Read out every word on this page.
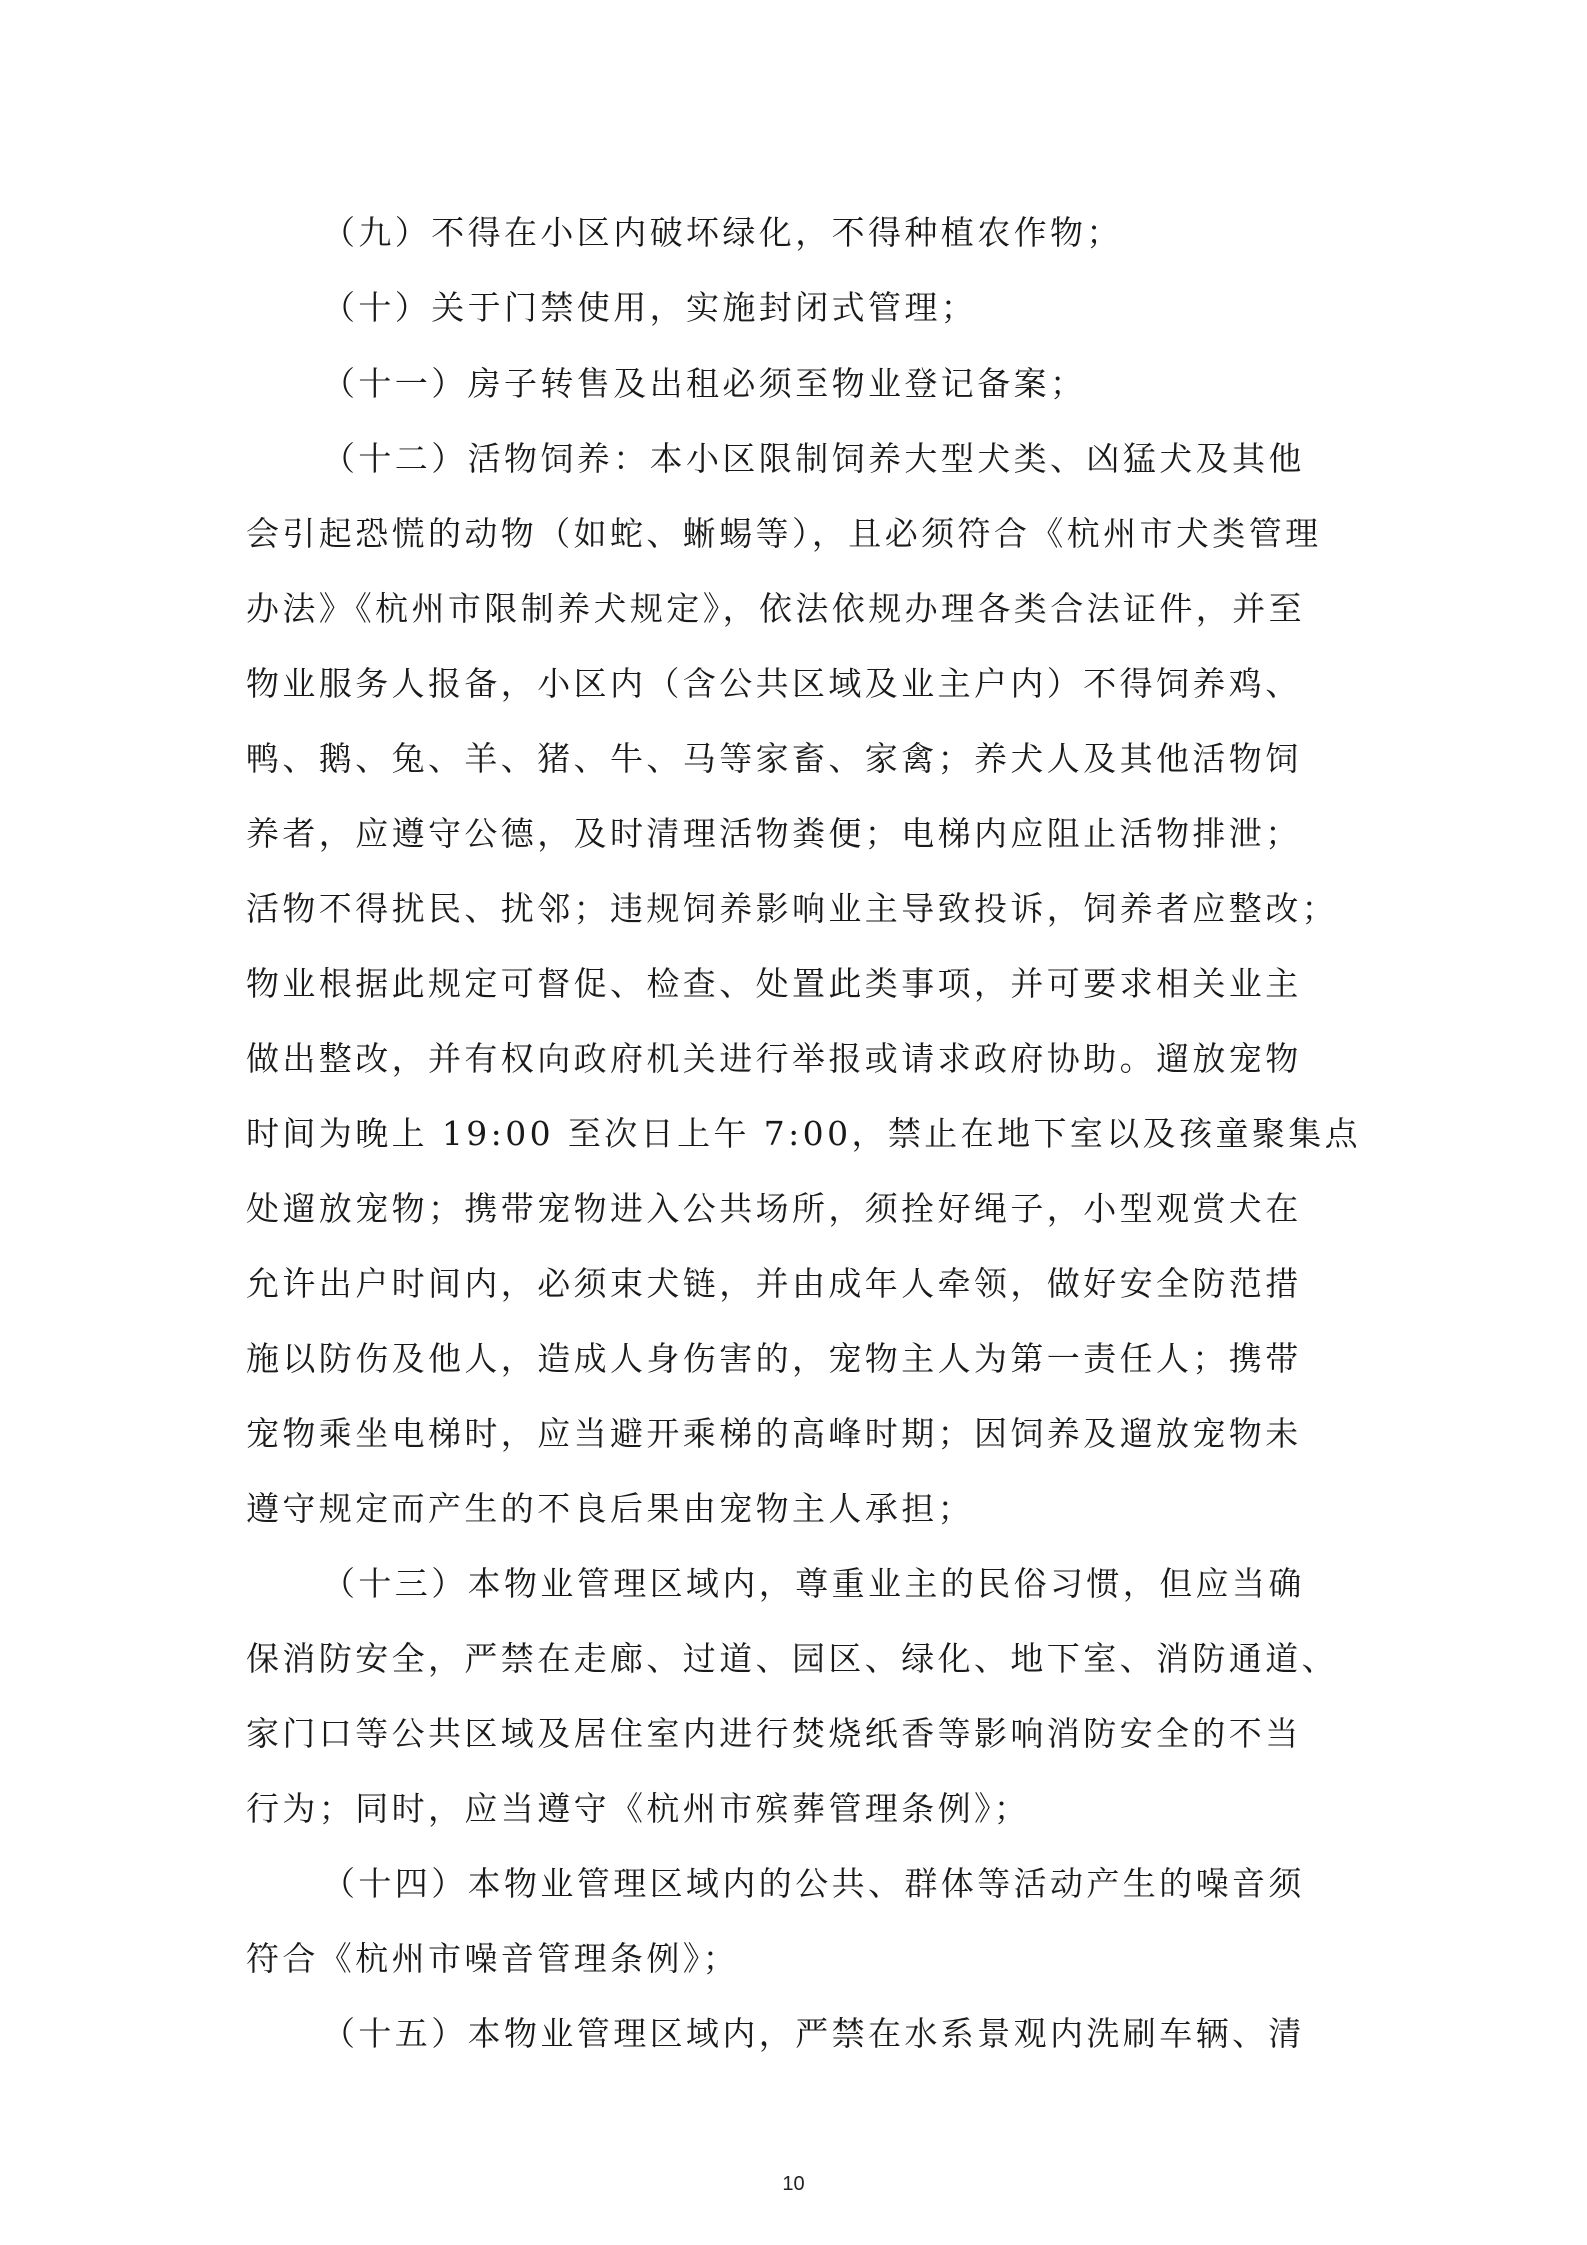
（九）不得在小区内破坏绿化，不得种植农作物；
（十）关于门禁使用，实施封闭式管理；
（十一）房子转售及出租必须至物业登记备案；
（十二）活物饲养：本小区限制饲养大型犬类、凶猛犬及其他
会引起恐慌的动物（如蛇、蜥蜴等），且必须符合《杭州市犬类管理
办法》《杭州市限制养犬规定》，依法依规办理各类合法证件，并至
物业服务人报备，小区内（含公共区域及业主户内）不得饲养鸡、
鸭、鹅、兔、羊、猪、牛、马等家畜、家禽；养犬人及其他活物饲
养者，应遵守公德，及时清理活物粪便；电梯内应阻止活物排泄；
活物不得扰民、扰邻；违规饲养影响业主导致投诉，饲养者应整改；
物业根据此规定可督促、检查、处置此类事项，并可要求相关业主
做出整改，并有权向政府机关进行举报或请求政府协助。遛放宠物
时间为晚上 19:00 至次日上午 7:00，禁止在地下室以及孩童聚集点
处遛放宠物；携带宠物进入公共场所，须拴好绳子，小型观赏犬在
允许出户时间内，必须束犬链，并由成年人牵领，做好安全防范措
施以防伤及他人，造成人身伤害的，宠物主人为第一责任人；携带
宠物乘坐电梯时，应当避开乘梯的高峰时期；因饲养及遛放宠物未
遵守规定而产生的不良后果由宠物主人承担；
（十三）本物业管理区域内，尊重业主的民俗习惯，但应当确
保消防安全，严禁在走廊、过道、园区、绿化、地下室、消防通道、
家门口等公共区域及居住室内进行焚烧纸香等影响消防安全的不当
行为；同时，应当遵守《杭州市殡葬管理条例》；
（十四）本物业管理区域内的公共、群体等活动产生的噪音须
符合《杭州市噪音管理条例》；
（十五）本物业管理区域内，严禁在水系景观内洗刷车辆、清
10
